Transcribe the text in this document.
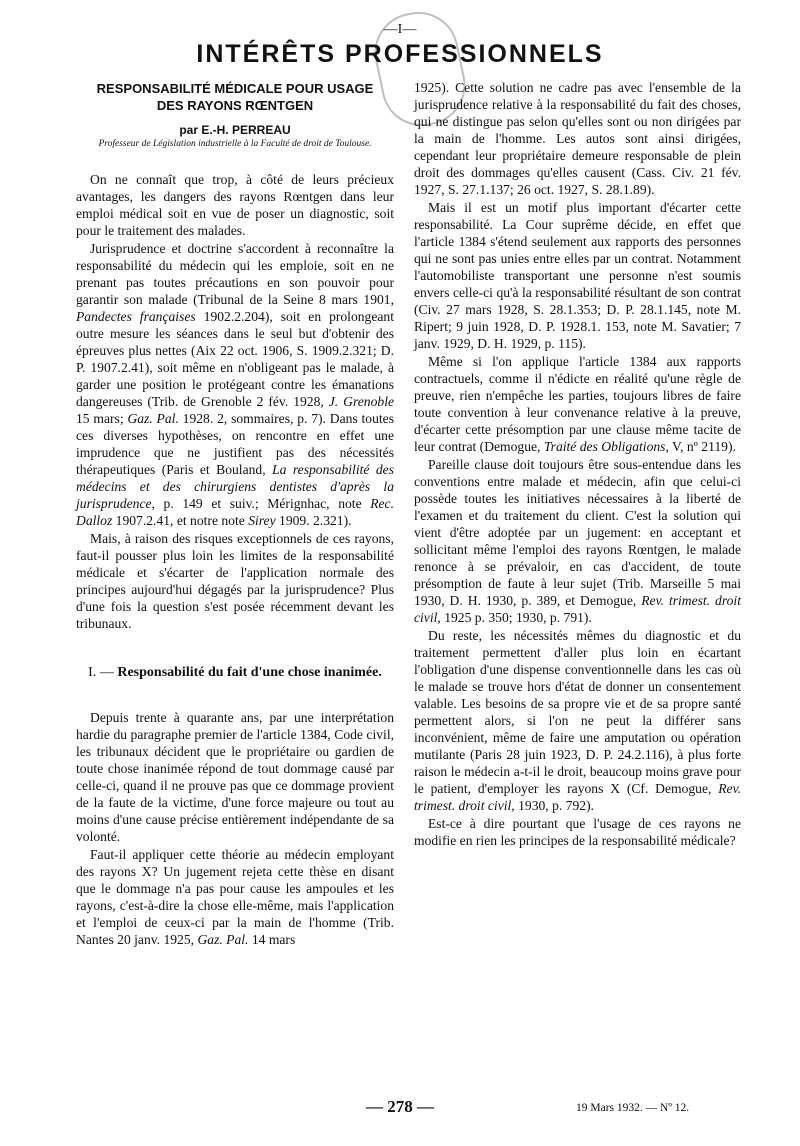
—I—
INTÉRÊTS PROFESSIONNELS
RESPONSABILITÉ MÉDICALE POUR USAGE
DES RAYONS RŒNTGEN
par E.-H. PERREAU
Professeur de Législation industrielle à la Faculté de droit de Toulouse.

On ne connaît que trop, à côté de leurs précieux avantages, les dangers des rayons Rœntgen dans leur emploi médical soit en vue de poser un diagnostic, soit pour le traitement des malades.

Jurisprudence et doctrine s'accordent à reconnaître la responsabilité du médecin qui les emploie, soit en ne prenant pas toutes précautions en son pouvoir pour garantir son malade (Tribunal de la Seine 8 mars 1901, Pandectes françaises 1902.2.204), soit en prolongeant outre mesure les séances dans le seul but d'obtenir des épreuves plus nettes (Aix 22 oct. 1906, S. 1909.2.321; D. P. 1907.2.41), soit même en n'obligeant pas le malade, à garder une position le protégeant contre les émanations dangereuses (Trib. de Grenoble 2 fév. 1928, J. Grenoble 15 mars; Gaz. Pal. 1928. 2, sommaires, p. 7). Dans toutes ces diverses hypothèses, on rencontre en effet une imprudence que ne justifient pas des nécessités thérapeutiques (Paris et Bouland, La responsabilité des médecins et des chirurgiens dentistes d'après la jurisprudence, p. 149 et suiv.; Mérignhac, note Rec. Dalloz 1907.2.41, et notre note Sirey 1909. 2.321).

Mais, à raison des risques exceptionnels de ces rayons, faut-il pousser plus loin les limites de la responsabilité médicale et s'écarter de l'application normale des principes aujourd'hui dégagés par la jurisprudence? Plus d'une fois la question s'est posée récemment devant les tribunaux.

I. — Responsabilité du fait d'une chose inanimée.

Depuis trente à quarante ans, par une interprétation hardie du paragraphe premier de l'article 1384, Code civil, les tribunaux décident que le propriétaire ou gardien de toute chose inanimée répond de tout dommage causé par celle-ci, quand il ne prouve pas que ce dommage provient de la faute de la victime, d'une force majeure ou tout au moins d'une cause précise entièrement indépendante de sa volonté.

Faut-il appliquer cette théorie au médecin employant des rayons X? Un jugement rejeta cette thèse en disant que le dommage n'a pas pour cause les ampoules et les rayons, c'est-à-dire la chose elle-même, mais l'application et l'emploi de ceux-ci par la main de l'homme (Trib. Nantes 20 janv. 1925, Gaz. Pal. 14 mars

1925). Cette solution ne cadre pas avec l'ensemble de la jurisprudence relative à la responsabilité du fait des choses, qui ne distingue pas selon qu'elles sont ou non dirigées par la main de l'homme. Les autos sont ainsi dirigées, cependant leur propriétaire demeure responsable de plein droit des dommages qu'elles causent (Cass. Civ. 21 fév. 1927, S. 27.1.137; 26 oct. 1927, S. 28.1.89).

Mais il est un motif plus important d'écarter cette responsabilité. La Cour suprême décide, en effet que l'article 1384 s'étend seulement aux rapports des personnes qui ne sont pas unies entre elles par un contrat. Notamment l'automobiliste transportant une personne n'est soumis envers celle-ci qu'à la responsabilité résultant de son contrat (Civ. 27 mars 1928, S. 28.1.353; D. P. 28.1.145, note M. Ripert; 9 juin 1928, D. P. 1928.1. 153, note M. Savatier; 7 janv. 1929, D. H. 1929, p. 115).

Même si l'on applique l'article 1384 aux rapports contractuels, comme il n'édicte en réalité qu'une règle de preuve, rien n'empêche les parties, toujours libres de faire toute convention à leur convenance relative à la preuve, d'écarter cette présomption par une clause même tacite de leur contrat (Demogue, Traité des Obligations, V, nº 2119).

Pareille clause doit toujours être sous-entendue dans les conventions entre malade et médecin, afin que celui-ci possède toutes les initiatives nécessaires à la liberté de l'examen et du traitement du client. C'est la solution qui vient d'être adoptée par un jugement: en acceptant et sollicitant même l'emploi des rayons Rœntgen, le malade renonce à se prévaloir, en cas d'accident, de toute présomption de faute à leur sujet (Trib. Marseille 5 mai 1930, D. H. 1930, p. 389, et Demogue, Rev. trimest. droit civil, 1925 p. 350; 1930, p. 791).

Du reste, les nécessités mêmes du diagnostic et du traitement permettent d'aller plus loin en écartant l'obligation d'une dispense conventionnelle dans les cas où le malade se trouve hors d'état de donner un consentement valable. Les besoins de sa propre vie et de sa propre santé permettent alors, si l'on ne peut la différer sans inconvénient, même de faire une amputation ou opération mutilante (Paris 28 juin 1923, D. P. 24.2.116), à plus forte raison le médecin a-t-il le droit, beaucoup moins grave pour le patient, d'employer les rayons X (Cf. Demogue, Rev. trimest. droit civil, 1930, p. 792).

Est-ce à dire pourtant que l'usage de ces rayons ne modifie en rien les principes de la responsabilité médicale?

— 278 —	19 Mars 1932. — Nº 12.
